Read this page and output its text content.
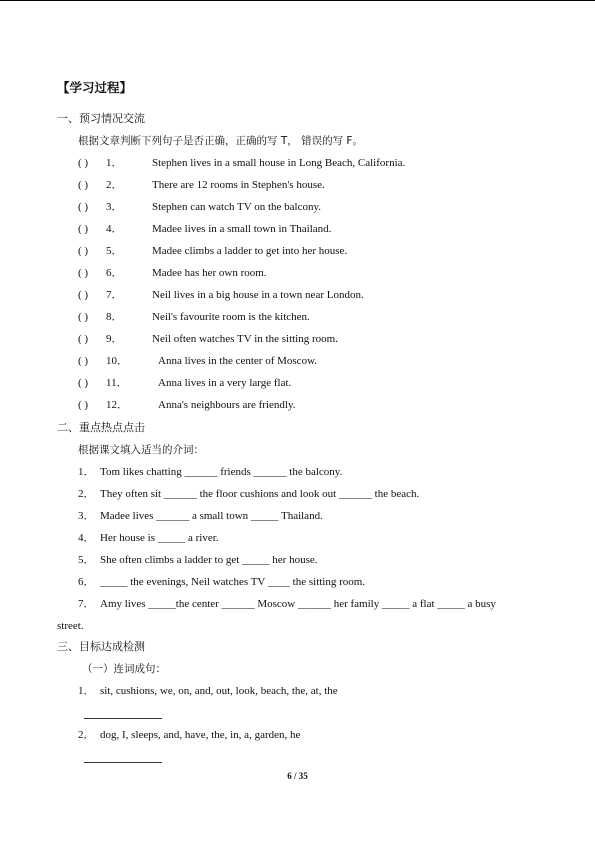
【学习过程】
一、预习情况交流
根据文章判断下列句子是否正确，正确的写 T， 错误的写 F。
( ) 1．	Stephen lives in a small house in Long Beach, California.
( ) 2．	There are 12 rooms in Stephen's house.
( ) 3．	Stephen can watch TV on the balcony.
( ) 4．	Madee lives in a small town in Thailand.
( ) 5．	Madee climbs a ladder to get into her house.
( ) 6．	Madee has her own room.
( ) 7．	Neil lives in a big house in a town near London.
( ) 8．	Neil's favourite room is the kitchen.
( ) 9．	Neil often watches TV in the sitting room.
( ) 10．	Anna lives in the center of Moscow.
( ) 11．	Anna lives in a very large flat.
( ) 12．	Anna's neighbours are friendly.
二、重点热点点击
根据课文填入适当的介词：
1． Tom likes chatting ______ friends ______ the balcony.
2． They often sit ______ the floor cushions and look out ______ the beach.
3． Madee lives ______ a small town _____ Thailand.
4． Her house is _____ a river.
5． She often climbs a ladder to get _____ her house.
6． _____ the evenings, Neil watches TV ____ the sitting room.
7． Amy lives _____the center ______ Moscow ______ her family _____ a flat _____ a busy
street.
三、目标达成检测
（一）连词成句：
1． sit, cushions, we, on, and, out, look, beach, the, at, the
2． dog, I, sleeps, and, have, the, in, a, garden, he
6 / 35
